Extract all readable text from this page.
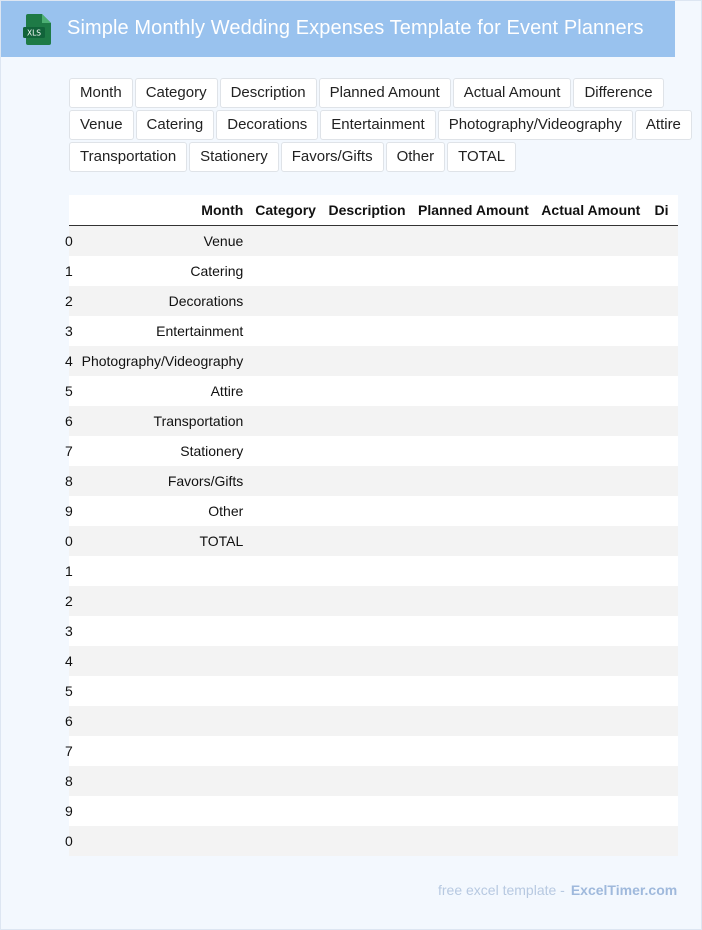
XLS Simple Monthly Wedding Expenses Template for Event Planners
Month	Category	Description	Planned Amount	Actual Amount	Difference
Venue	Catering	Decorations	Entertainment	Photography/Videography	Attire
Transportation	Stationery	Favors/Gifts	Other	TOTAL
	Month	Category	Description	Planned Amount	Actual Amount	Di
0	Venue					
1	Catering					
2	Decorations					
3	Entertainment					
4	Photography/Videography					
5	Attire					
6	Transportation					
7	Stationery					
8	Favors/Gifts					
9	Other					
0	TOTAL					
1						
2						
3						
4						
5						
6						
7						
8						
9						
0						
free excel template - ExcelTimer.com
